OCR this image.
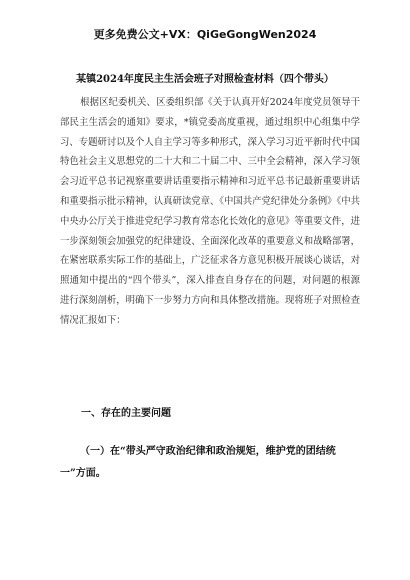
更多免费公文+VX：QiGeGongWen2024
某镇2024年度民主生活会班子对照检查材料（四个带头）
根据区纪委机关、区委组织部《关于认真开好2024年度党员领导干部民主生活会的通知》要求，*镇党委高度重视，通过组织中心组集中学习、专题研讨以及个人自主学习等多种形式，深入学习习近平新时代中国特色社会主义思想党的二十大和二十届二中、三中全会精神，深入学习领会习近平总书记视察重要讲话重要指示精神和习近平总书记最新重要讲话和重要指示批示精神，认真研读党章、《中国共产党纪律处分条例》《中共中央办公厅关于推进党纪学习教育常态化长效化的意见》等重要文件，进一步深刻领会加强党的纪律建设、全面深化改革的重要意义和战略部署，在紧密联系实际工作的基础上，广泛征求各方意见积极开展谈心谈话，对照通知中提出的“四个带头”，深入排查自身存在的问题，对问题的根源进行深刻剖析，明确下一步努力方向和具体整改措施。现将班子对照检查情况汇报如下：
一、存在的主要问题
（一）在“带头严守政治纪律和政治规矩，维护党的团结统一”方面。
